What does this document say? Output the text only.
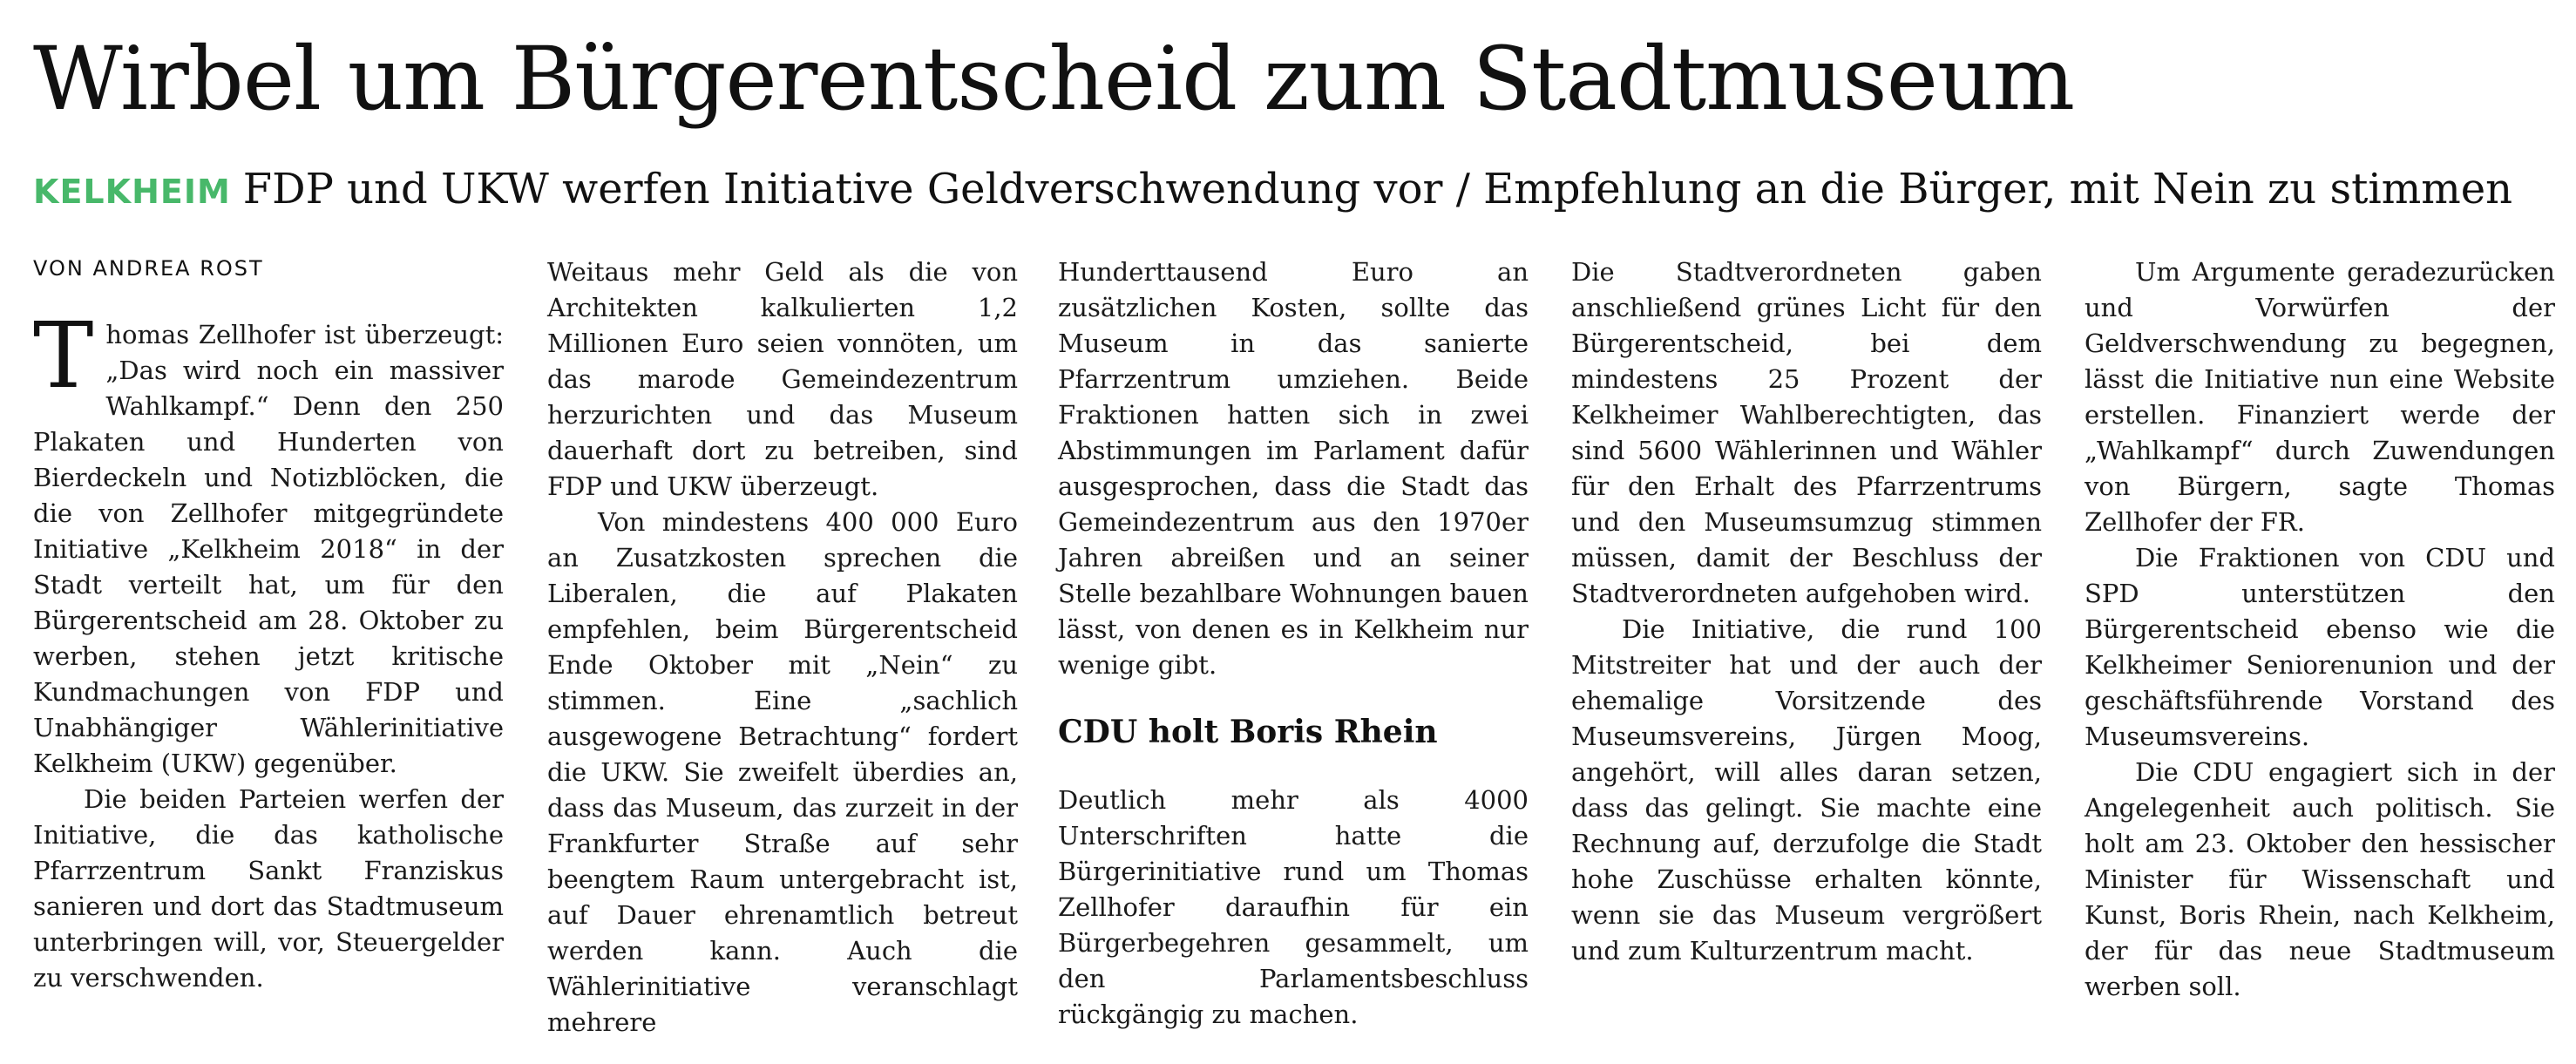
Wirbel um Bürgerentscheid zum Stadtmuseum
KELKHEIM FDP und UKW werfen Initiative Geldverschwendung vor / Empfehlung an die Bürger, mit Nein zu stimmen
VON ANDREA ROST
T homas Zellhofer ist überzeugt: „Das wird noch ein massiver Wahlkampf.“ Denn den 250 Plakaten und Hunderten von Bierdeckeln und Notizblöcken, die die von Zellhofer mitgegründete Initiative „Kelkheim 2018“ in der Stadt verteilt hat, um für den Bürgerentscheid am 28. Oktober zu werben, stehen jetzt kritische Kundmachungen von FDP und Unabhängiger Wählerinitiative Kelkheim (UKW) gegenüber.

Die beiden Parteien werfen der Initiative, die das katholische Pfarrzentrum Sankt Franziskus sanieren und dort das Stadtmuseum unterbringen will, vor, Steuergelder zu verschwenden.

Weitaus mehr Geld als die von Architekten kalkulierten 1,2 Millionen Euro seien vonnöten, um das marode Gemeindezentrum herzurichten und das Museum dauerhaft dort zu betreiben, sind FDP und UKW überzeugt.

Von mindestens 400 000 Euro an Zusatzkosten sprechen die Liberalen, die auf Plakaten empfehlen, beim Bürgerentscheid Ende Oktober mit „Nein“ zu stimmen. Eine „sachlich ausgewogene Betrachtung“ fordert die UKW. Sie zweifelt überdies an, dass das Museum, das zurzeit in der Frankfurter Straße auf sehr beengtem Raum untergebracht ist, auf Dauer ehrenamtlich betreut werden kann. Auch die Wählerinitiative veranschlagt mehrere

Hunderttausend Euro an zusätzlichen Kosten, sollte das Museum in das sanierte Pfarrzentrum umziehen. Beide Fraktionen hatten sich in zwei Abstimmungen im Parlament dafür ausgesprochen, dass die Stadt das Gemeindezentrum aus den 1970er Jahren abreißen und an seiner Stelle bezahlbare Wohnungen bauen lässt, von denen es in Kelkheim nur wenige gibt.

CDU holt Boris Rhein

Deutlich mehr als 4000 Unterschriften hatte die Bürgerinitiative rund um Thomas Zellhofer daraufhin für ein Bürgerbegehren gesammelt, um den Parlamentsbeschluss rückgängig zu machen.

Die Stadtverordneten gaben anschließend grünes Licht für den Bürgerentscheid, bei dem mindestens 25 Prozent der Kelkheimer Wahlberechtigten, das sind 5600 Wählerinnen und Wähler für den Erhalt des Pfarrzentrums und den Museumsumzug stimmen müssen, damit der Beschluss der Stadtverordneten aufgehoben wird.

Die Initiative, die rund 100 Mitstreiter hat und der auch der ehemalige Vorsitzende des Museumsvereins, Jürgen Moog, angehört, will alles daran setzen, dass das gelingt. Sie machte eine Rechnung auf, derzufolge die Stadt hohe Zuschüsse erhalten könnte, wenn sie das Museum vergrößert und zum Kulturzentrum macht.

Um Argumente geradezurücken und Vorwürfen der Geldverschwendung zu begegnen, lässt die Initiative nun eine Website erstellen. Finanziert werde der „Wahlkampf“ durch Zuwendungen von Bürgern, sagte Thomas Zellhofer der FR.

Die Fraktionen von CDU und SPD unterstützen den Bürgerentscheid ebenso wie die Kelkheimer Seniorenunion und der geschäftsführende Vorstand des Museumsvereins.

Die CDU engagiert sich in der Angelegenheit auch politisch. Sie holt am 23. Oktober den hessischer Minister für Wissenschaft und Kunst, Boris Rhein, nach Kelkheim, der für das neue Stadtmuseum werben soll.
